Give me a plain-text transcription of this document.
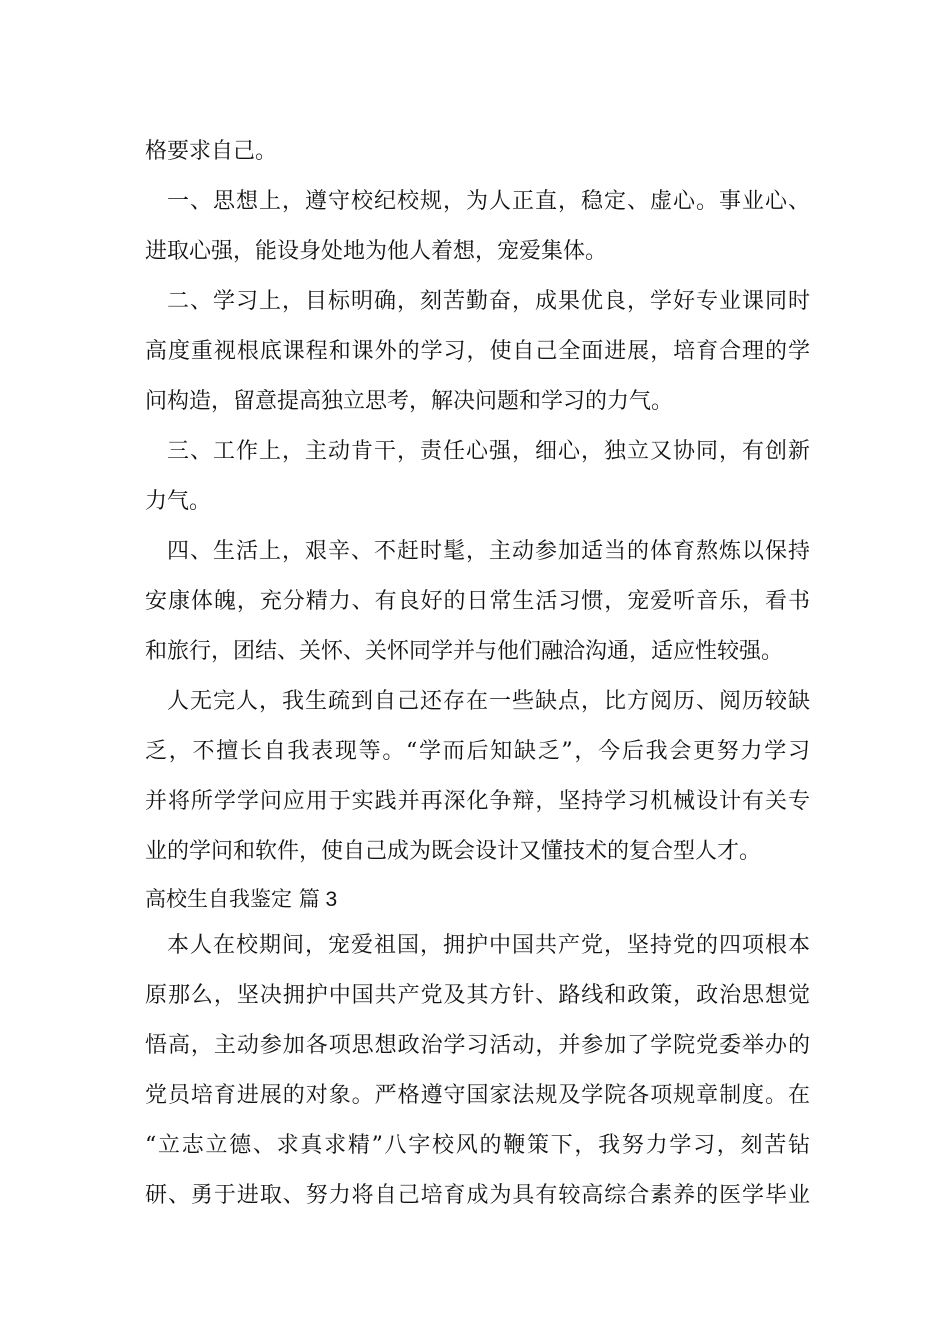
格要求自己。
一、思想上，遵守校纪校规，为人正直，稳定、虚心。事业心、
进取心强，能设身处地为他人着想，宠爱集体。
二、学习上，目标明确，刻苦勤奋，成果优良，学好专业课同时
高度重视根底课程和课外的学习，使自己全面进展，培育合理的学
问构造，留意提高独立思考，解决问题和学习的力气。
三、工作上，主动肯干，责任心强，细心，独立又协同，有创新
力气。
四、生活上，艰辛、不赶时髦，主动参加适当的体育熬炼以保持
安康体魄，充分精力、有良好的日常生活习惯，宠爱听音乐，看书
和旅行，团结、关怀、关怀同学并与他们融洽沟通，适应性较强。
人无完人，我生疏到自己还存在一些缺点，比方阅历、阅历较缺
乏，不擅长自我表现等。“学而后知缺乏”，今后我会更努力学习
并将所学学问应用于实践并再深化争辩，坚持学习机械设计有关专
业的学问和软件，使自己成为既会设计又懂技术的复合型人才。
高校生自我鉴定 篇 3
本人在校期间，宠爱祖国，拥护中国共产党，坚持党的四项根本
原那么，坚决拥护中国共产党及其方针、路线和政策，政治思想觉
悟高，主动参加各项思想政治学习活动，并参加了学院党委举办的
党员培育进展的对象。严格遵守国家法规及学院各项规章制度。在
“立志立德、求真求精”八字校风的鞭策下，我努力学习，刻苦钻
研、勇于进取、努力将自己培育成为具有较高综合素养的医学毕业
